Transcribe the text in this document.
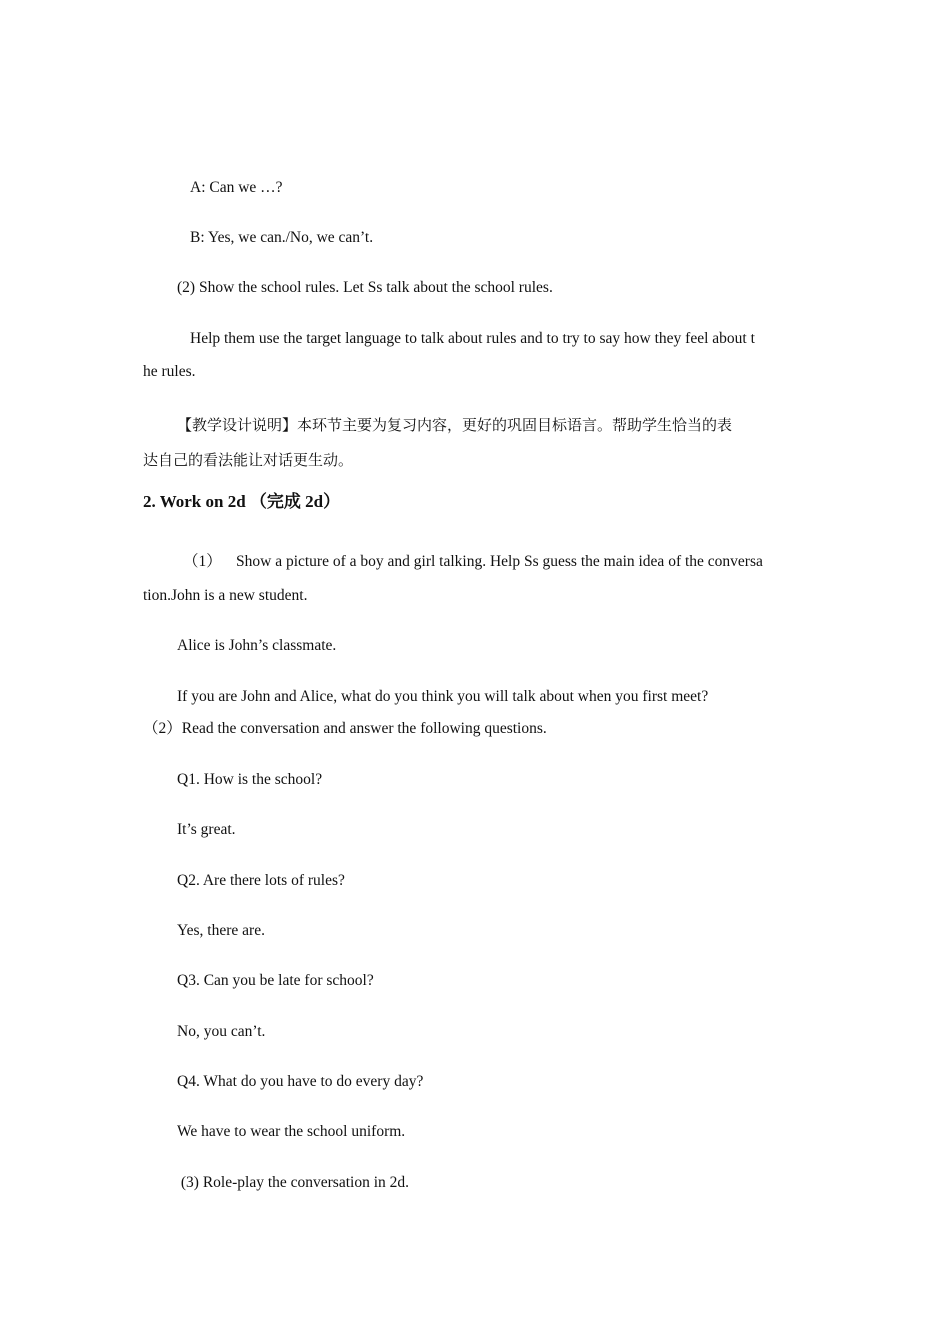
A: Can we …?
B: Yes, we can./No, we can’t.
(2) Show the school rules. Let Ss talk about the school rules.
Help them use the target language to talk about rules and to try to say how they feel about t
he rules.
【教学设计说明】本环节主要为复习内容，更好的巩固目标语言。帮助学生恰当的表
达自己的看法能让对话更生动。
2. Work on 2d （完成 2d）
（1） Show a picture of a boy and girl talking. Help Ss guess the main idea of the conversa
tion.John is a new student.
Alice is John’s classmate.
If you are John and Alice, what do you think you will talk about when you first meet?
（2）Read the conversation and answer the following questions.
Q1. How is the school?
It’s great.
Q2. Are there lots of rules?
Yes, there are.
Q3. Can you be late for school?
No, you can’t.
Q4. What do you have to do every day?
We have to wear the school uniform.
(3) Role-play the conversation in 2d.
